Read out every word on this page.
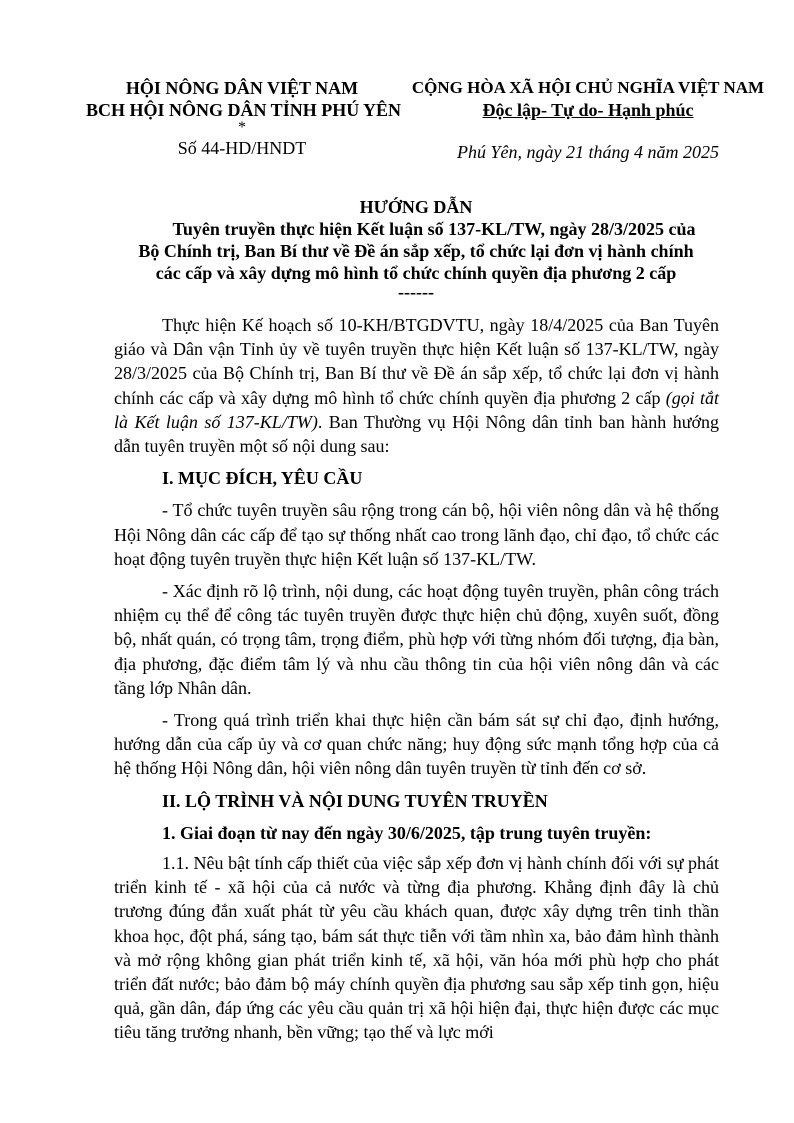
HỘI NÔNG DÂN VIỆT NAM
BCH HỘI NÔNG DÂN TỈNH PHÚ YÊN
*
Số 44-HD/HNDT
CỘNG HÒA XÃ HỘI CHỦ NGHĨA VIỆT NAM
Độc lập- Tự do- Hạnh phúc
Phú Yên, ngày 21 tháng 4 năm 2025
HƯỚNG DẪN
Tuyên truyền thực hiện Kết luận số 137-KL/TW, ngày 28/3/2025 của
Bộ Chính trị, Ban Bí thư về Đề án sắp xếp, tổ chức lại đơn vị hành chính
các cấp và xây dựng mô hình tổ chức chính quyền địa phương 2 cấp
------

Thực hiện Kế hoạch số 10-KH/BTGDVTU, ngày 18/4/2025 của Ban Tuyên giáo và Dân vận Tỉnh ủy về tuyên truyền thực hiện Kết luận số 137-KL/TW, ngày 28/3/2025 của Bộ Chính trị, Ban Bí thư về Đề án sắp xếp, tổ chức lại đơn vị hành chính các cấp và xây dựng mô hình tổ chức chính quyền địa phương 2 cấp (gọi tắt là Kết luận số 137-KL/TW). Ban Thường vụ Hội Nông dân tỉnh ban hành hướng dẫn tuyên truyền một số nội dung sau:

I. MỤC ĐÍCH, YÊU CẦU

- Tổ chức tuyên truyền sâu rộng trong cán bộ, hội viên nông dân và hệ thống Hội Nông dân các cấp để tạo sự thống nhất cao trong lãnh đạo, chỉ đạo, tổ chức các hoạt động tuyên truyền thực hiện Kết luận số 137-KL/TW.

- Xác định rõ lộ trình, nội dung, các hoạt động tuyên truyền, phân công trách nhiệm cụ thể để công tác tuyên truyền được thực hiện chủ động, xuyên suốt, đồng bộ, nhất quán, có trọng tâm, trọng điểm, phù hợp với từng nhóm đối tượng, địa bàn, địa phương, đặc điểm tâm lý và nhu cầu thông tin của hội viên nông dân và các tầng lớp Nhân dân.

- Trong quá trình triển khai thực hiện cần bám sát sự chỉ đạo, định hướng, hướng dẫn của cấp ủy và cơ quan chức năng; huy động sức mạnh tổng hợp của cả hệ thống Hội Nông dân, hội viên nông dân tuyên truyền từ tỉnh đến cơ sở.

II. LỘ TRÌNH VÀ NỘI DUNG TUYÊN TRUYỀN
1. Giai đoạn từ nay đến ngày 30/6/2025, tập trung tuyên truyền:

1.1. Nêu bật tính cấp thiết của việc sắp xếp đơn vị hành chính đối với sự phát triển kinh tế - xã hội của cả nước và từng địa phương. Khẳng định đây là chủ trương đúng đắn xuất phát từ yêu cầu khách quan, được xây dựng trên tinh thần khoa học, đột phá, sáng tạo, bám sát thực tiễn với tầm nhìn xa, bảo đảm hình thành và mở rộng không gian phát triển kinh tế, xã hội, văn hóa mới phù hợp cho phát triển đất nước; bảo đảm bộ máy chính quyền địa phương sau sắp xếp tinh gọn, hiệu quả, gần dân, đáp ứng các yêu cầu quản trị xã hội hiện đại, thực hiện được các mục tiêu tăng trưởng nhanh, bền vững; tạo thế và lực mới
